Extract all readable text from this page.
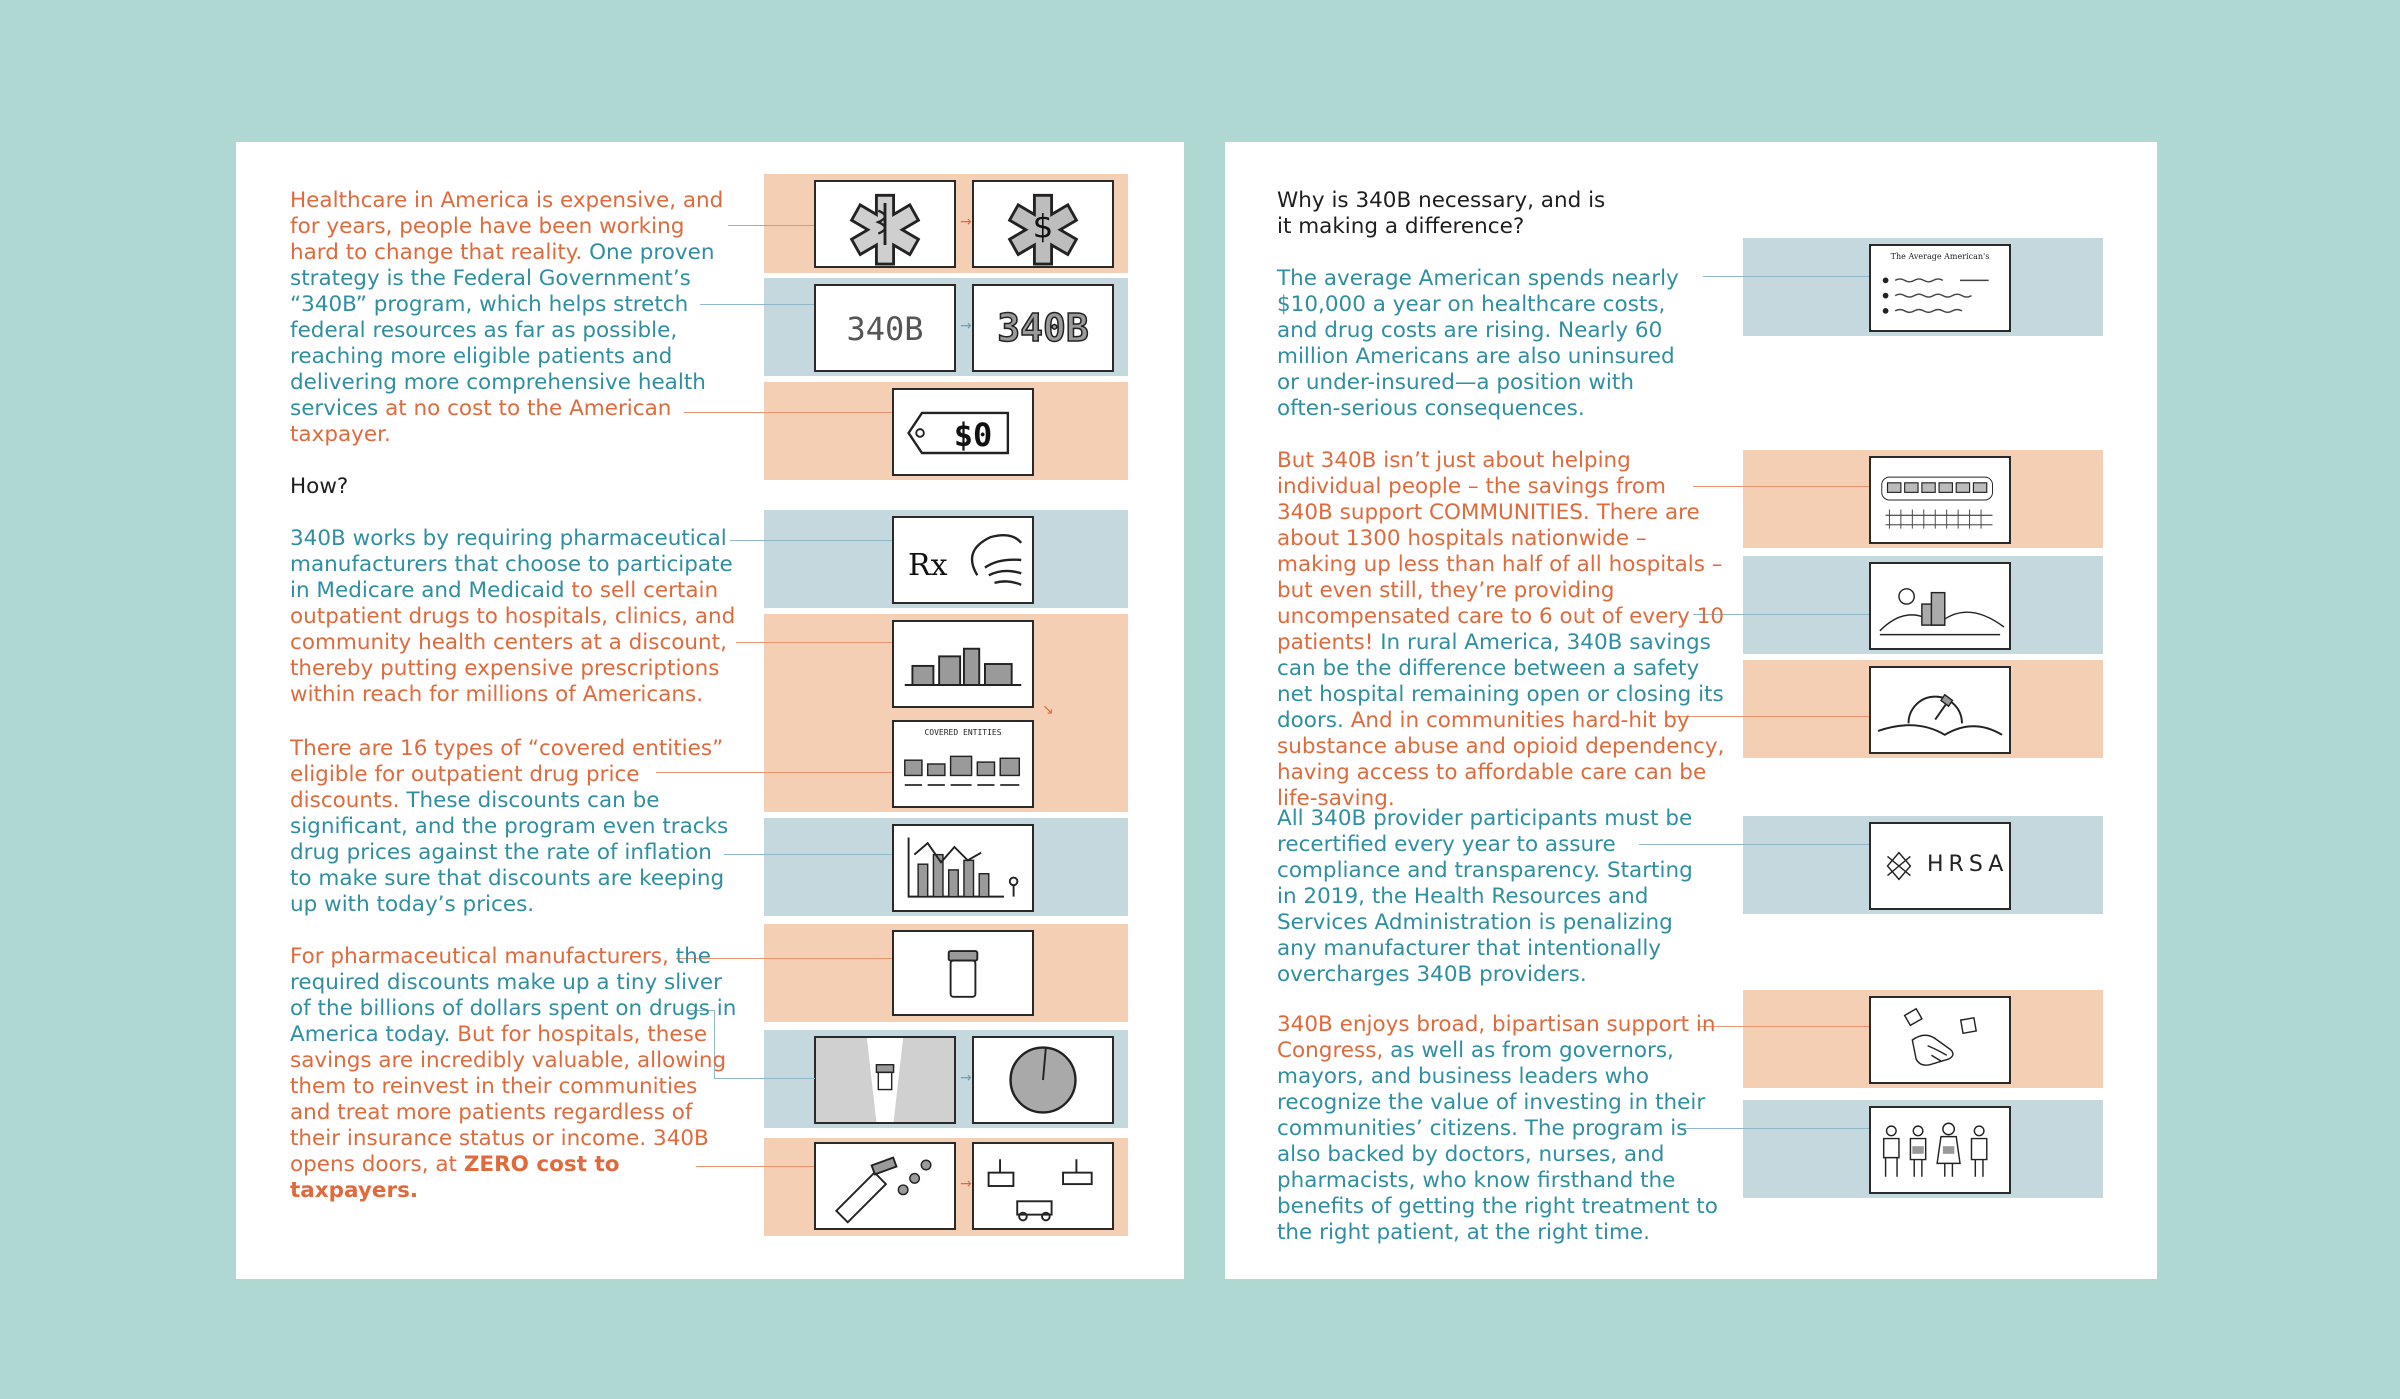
→ $
340B	→ 340B
$0
Rx
↘
COVERED ENTITIES
→
→

Healthcare in America is expensive, and for years, people have been working hard to change that reality. One proven strategy is the Federal Government’s “340B” program, which helps stretch federal resources as far as possible, reaching more eligible patients and delivering more comprehensive health services at no cost to the American taxpayer.

How?

340B works by requiring pharmaceutical manufacturers that choose to participate in Medicare and Medicaid to sell certain outpatient drugs to hospitals, clinics, and community health centers at a discount, thereby putting expensive prescriptions within reach for millions of Americans.

There are 16 types of “covered entities” eligible for outpatient drug price discounts. These discounts can be significant, and the program even tracks drug prices against the rate of inflation to make sure that discounts are keeping up with today’s prices.

For pharmaceutical manufacturers, the required discounts make up a tiny sliver of the billions of dollars spent on drugs in America today. But for hospitals, these savings are incredibly valuable, allowing them to reinvest in their communities and treat more patients regardless of their insurance status or income. 340B opens doors, at ZERO cost to taxpayers.

The Average American's
HRSA

Why is 340B necessary, and is it making a difference?

The average American spends nearly $10,000 a year on healthcare costs, and drug costs are rising. Nearly 60 million Americans are also uninsured or under-insured—a position with often-serious consequences.

But 340B isn’t just about helping individual people – the savings from 340B support COMMUNITIES. There are about 1300 hospitals nationwide – making up less than half of all hospitals – but even still, they’re providing uncompensated care to 6 out of every 10 patients! In rural America, 340B savings can be the difference between a safety net hospital remaining open or closing its doors. And in communities hard-hit by substance abuse and opioid dependency, having access to affordable care can be life-saving.

All 340B provider participants must be recertified every year to assure compliance and transparency. Starting in 2019, the Health Resources and Services Administration is penalizing any manufacturer that intentionally overcharges 340B providers.

340B enjoys broad, bipartisan support in Congress, as well as from governors, mayors, and business leaders who recognize the value of investing in their communities’ citizens. The program is also backed by doctors, nurses, and pharmacists, who know firsthand the benefits of getting the right treatment to the right patient, at the right time.
